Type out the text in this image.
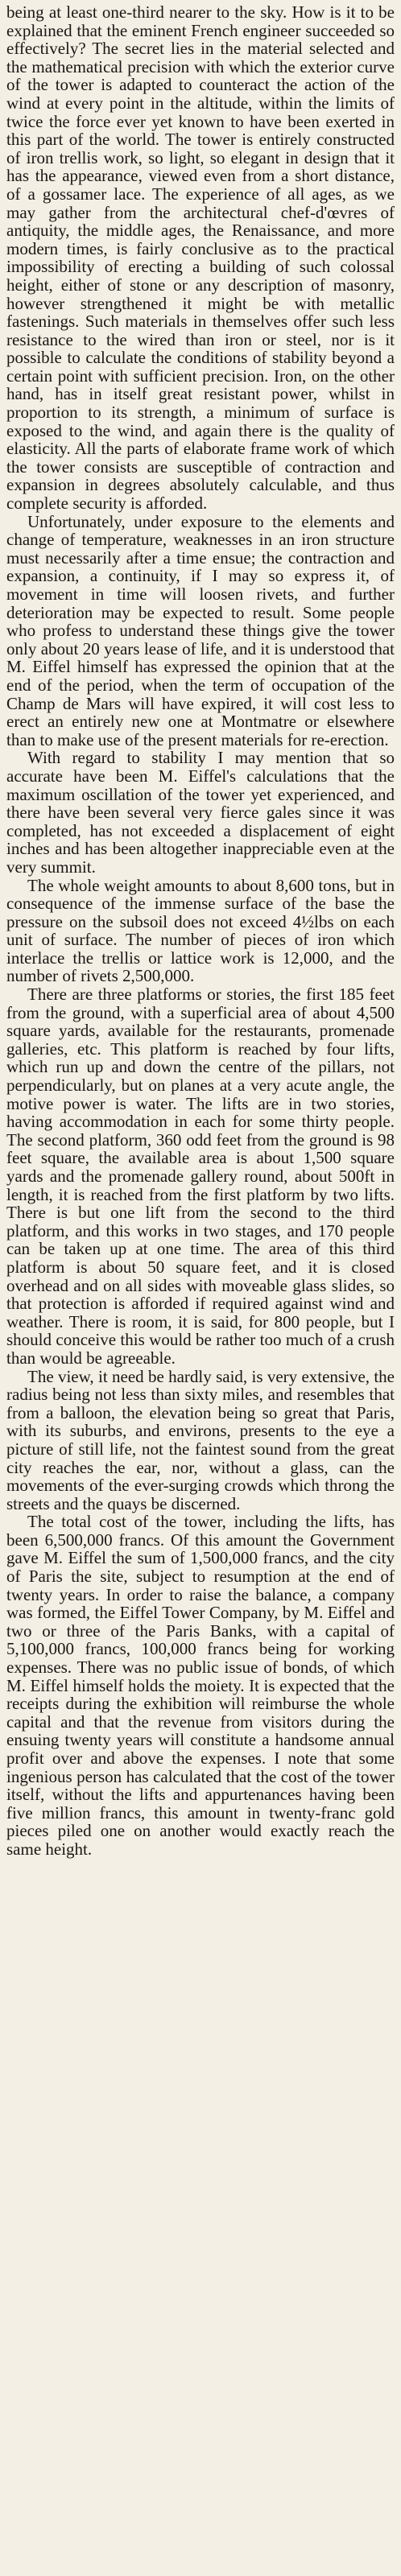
being at least one-third nearer to the sky. How is it to be explained that the eminent French engineer succeeded so effectively? The secret lies in the material selected and the mathematical precision with which the exterior curve of the tower is adapted to counteract the action of the wind at every point in the altitude, within the limits of twice the force ever yet known to have been exerted in this part of the world. The tower is entirely constructed of iron trellis work, so light, so elegant in design that it has the appearance, viewed even from a short distance, of a gossamer lace. The experience of all ages, as we may gather from the architectural chef-d'œvres of antiquity, the middle ages, the Renaissance, and more modern times, is fairly conclusive as to the practical impossibility of erecting a building of such colossal height, either of stone or any description of masonry, however strengthened it might be with metallic fastenings. Such materials in themselves offer such less resistance to the wired than iron or steel, nor is it possible to calculate the conditions of stability beyond a certain point with sufficient precision. Iron, on the other hand, has in itself great resistant power, whilst in proportion to its strength, a minimum of surface is exposed to the wind, and again there is the quality of elasticity. All the parts of elaborate frame work of which the tower consists are susceptible of contraction and expansion in degrees absolutely calculable, and thus complete security is afforded.

Unfortunately, under exposure to the elements and change of temperature, weaknesses in an iron structure must necessarily after a time ensue; the contraction and expansion, a continuity, if I may so express it, of movement in time will loosen rivets, and further deterioration may be expected to result. Some people who profess to understand these things give the tower only about 20 years lease of life, and it is understood that M. Eiffel himself has expressed the opinion that at the end of the period, when the term of occupation of the Champ de Mars will have expired, it will cost less to erect an entirely new one at Montmatre or elsewhere than to make use of the present materials for re-erection.

With regard to stability I may mention that so accurate have been M. Eiffel's calculations that the maximum oscillation of the tower yet experienced, and there have been several very fierce gales since it was completed, has not exceeded a displacement of eight inches and has been altogether inappreciable even at the very summit.

The whole weight amounts to about 8,600 tons, but in consequence of the immense surface of the base the pressure on the subsoil does not exceed 4½lbs on each unit of surface. The number of pieces of iron which interlace the trellis or lattice work is 12,000, and the number of rivets 2,500,000.

There are three platforms or stories, the first 185 feet from the ground, with a superficial area of about 4,500 square yards, available for the restaurants, promenade galleries, etc. This platform is reached by four lifts, which run up and down the centre of the pillars, not perpendicularly, but on planes at a very acute angle, the motive power is water. The lifts are in two stories, having accommodation in each for some thirty people. The second platform, 360 odd feet from the ground is 98 feet square, the available area is about 1,500 square yards and the promenade gallery round, about 500ft in length, it is reached from the first platform by two lifts. There is but one lift from the second to the third platform, and this works in two stages, and 170 people can be taken up at one time. The area of this third platform is about 50 square feet, and it is closed overhead and on all sides with moveable glass slides, so that protection is afforded if required against wind and weather. There is room, it is said, for 800 people, but I should conceive this would be rather too much of a crush than would be agreeable.

The view, it need be hardly said, is very extensive, the radius being not less than sixty miles, and resembles that from a balloon, the elevation being so great that Paris, with its suburbs, and environs, presents to the eye a picture of still life, not the faintest sound from the great city reaches the ear, nor, without a glass, can the movements of the ever-surging crowds which throng the streets and the quays be discerned.

The total cost of the tower, including the lifts, has been 6,500,000 francs. Of this amount the Government gave M. Eiffel the sum of 1,500,000 francs, and the city of Paris the site, subject to resumption at the end of twenty years. In order to raise the balance, a company was formed, the Eiffel Tower Company, by M. Eiffel and two or three of the Paris Banks, with a capital of 5,100,000 francs, 100,000 francs being for working expenses. There was no public issue of bonds, of which M. Eiffel himself holds the moiety. It is expected that the receipts during the exhibition will reimburse the whole capital and that the revenue from visitors during the ensuing twenty years will constitute a handsome annual profit over and above the expenses. I note that some ingenious person has calculated that the cost of the tower itself, without the lifts and appurtenances having been five million francs, this amount in twenty-franc gold pieces piled one on another would exactly reach the same height.
